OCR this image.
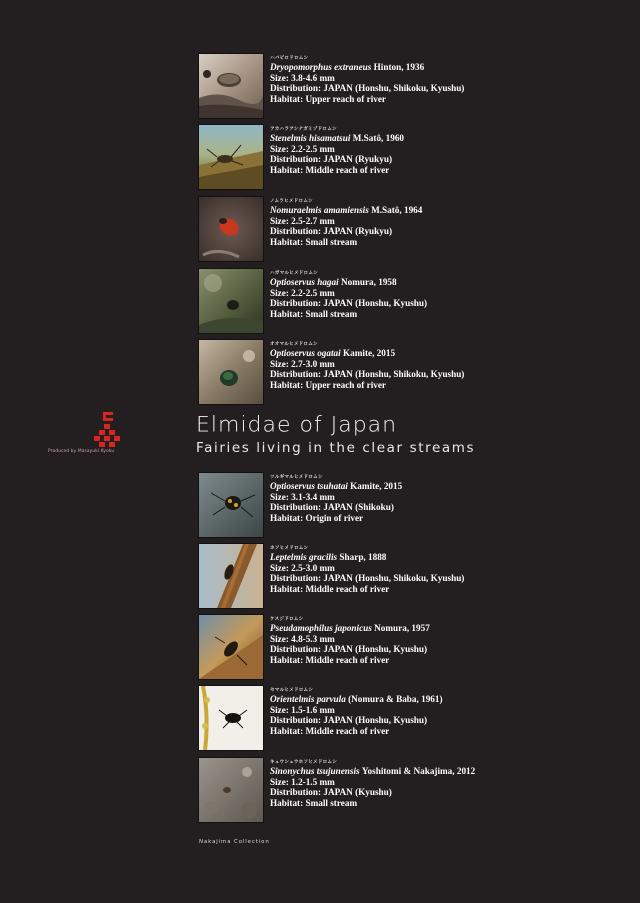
ハバビロドロムシ
Dryopomorphus extraneus Hinton, 1936
Size: 3.8-4.6 mm
Distribution: JAPAN (Honshu, Shikoku, Kyushu)
Habitat: Upper reach of river
アカハラアシナガミゾドロムシ
Stenelmis hisamatsui M.Satô, 1960
Size: 2.2-2.5 mm
Distribution: JAPAN (Ryukyu)
Habitat: Middle reach of river
ノムラヒメドロムシ
Nomuraelmis amamiensis M.Satô, 1964
Size: 2.5-2.7 mm
Distribution: JAPAN (Ryukyu)
Habitat: Small stream
ハガマルヒメドロムシ
Optioservus hagai Nomura, 1958
Size: 2.2-2.5 mm
Distribution: JAPAN (Honshu, Kyushu)
Habitat: Small stream
オオマルヒメドロムシ
Optioservus ogatai Kamite, 2015
Size: 2.7-3.0 mm
Distribution: JAPAN (Honshu, Shikoku, Kyushu)
Habitat: Upper reach of river
ツルギマルヒメドロムシ
Optioservus tsuhatai Kamite, 2015
Size: 3.1-3.4 mm
Distribution: JAPAN (Shikoku)
Habitat: Origin of river
ホソヒメドロムシ
Leptelmis gracilis Sharp, 1888
Size: 2.5-3.0 mm
Distribution: JAPAN (Honshu, Shikoku, Kyushu)
Habitat: Middle reach of river
ケスジドロムシ
Pseudamophilus japonicus Nomura, 1957
Size: 4.8-5.3 mm
Distribution: JAPAN (Honshu, Kyushu)
Habitat: Middle reach of river
セマルヒメドロムシ
Orientelmis parvula (Nomura & Baba, 1961)
Size: 1.5-1.6 mm
Distribution: JAPAN (Honshu, Kyushu)
Habitat: Middle reach of river
キュウシュウホソヒメドロムシ
Sinonychus tsujunensis Yoshitomi & Nakajima, 2012
Size: 1.2-1.5 mm
Distribution: JAPAN (Kyushu)
Habitat: Small stream
Produced by Masayuki Kyoku
Elmidae of Japan
Fairies living in the clear streams
Nakajima Collection
